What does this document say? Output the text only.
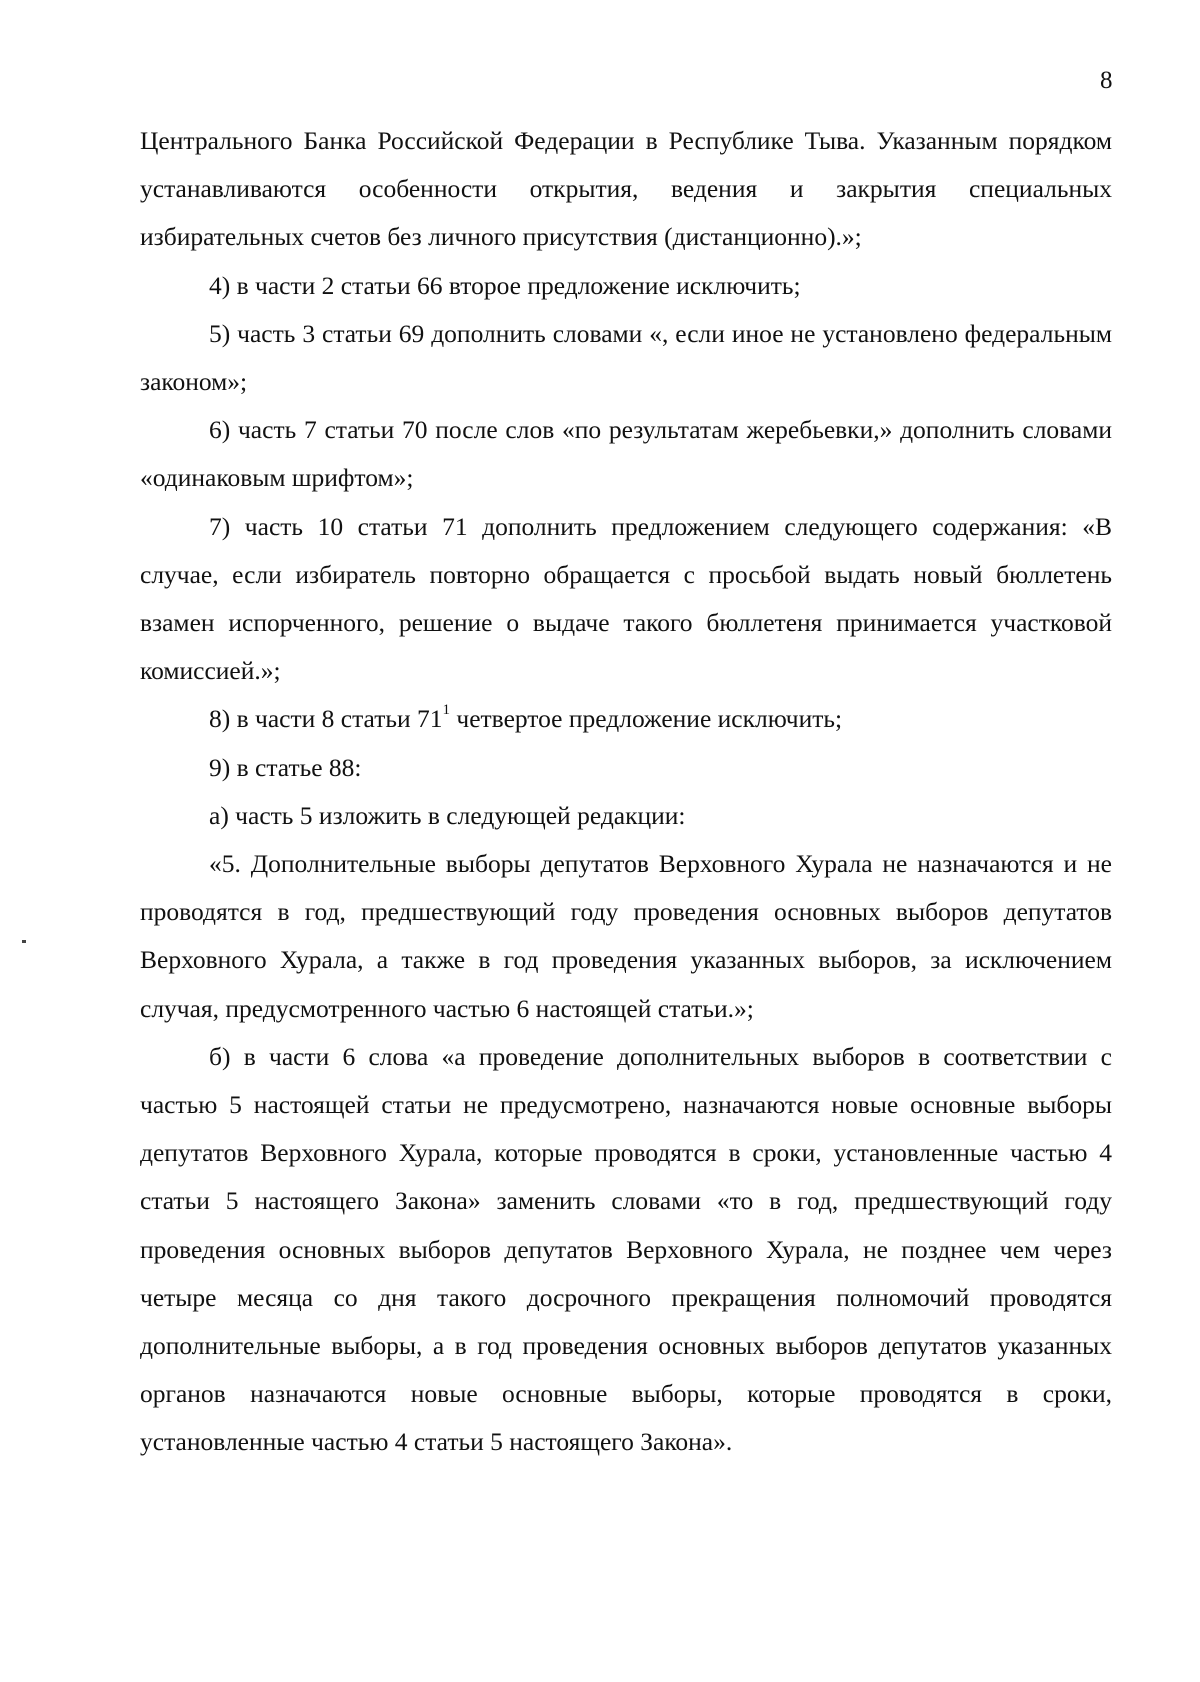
8

Центрального Банка Российской Федерации в Республике Тыва. Указанным порядком устанавливаются особенности открытия, ведения и закрытия специальных избирательных счетов без личного присутствия (дистанционно).»;

4) в части 2 статьи 66 второе предложение исключить;

5) часть 3 статьи 69 дополнить словами «, если иное не установлено федеральным законом»;

6) часть 7 статьи 70 после слов «по результатам жеребьевки,» дополнить словами «одинаковым шрифтом»;

7) часть 10 статьи 71 дополнить предложением следующего содержания: «В случае, если избиратель повторно обращается с просьбой выдать новый бюллетень взамен испорченного, решение о выдаче такого бюллетеня принимается участковой комиссией.»;

8) в части 8 статьи $71^1$ четвертое предложение исключить;

9) в статье 88:

а) часть 5 изложить в следующей редакции:

«5. Дополнительные выборы депутатов Верховного Хурала не назначаются и не проводятся в год, предшествующий году проведения основных выборов депутатов Верховного Хурала, а также в год проведения указанных выборов, за исключением случая, предусмотренного частью 6 настоящей статьи.»;

б) в части 6 слова «а проведение дополнительных выборов в соответствии с частью 5 настоящей статьи не предусмотрено, назначаются новые основные выборы депутатов Верховного Хурала, которые проводятся в сроки, установленные частью 4 статьи 5 настоящего Закона» заменить словами «то в год, предшествующий году проведения основных выборов депутатов Верховного Хурала, не позднее чем через четыре месяца со дня такого досрочного прекращения полномочий проводятся дополнительные выборы, а в год проведения основных выборов депутатов указанных органов назначаются новые основные выборы, которые проводятся в сроки, установленные частью 4 статьи 5 настоящего Закона».
